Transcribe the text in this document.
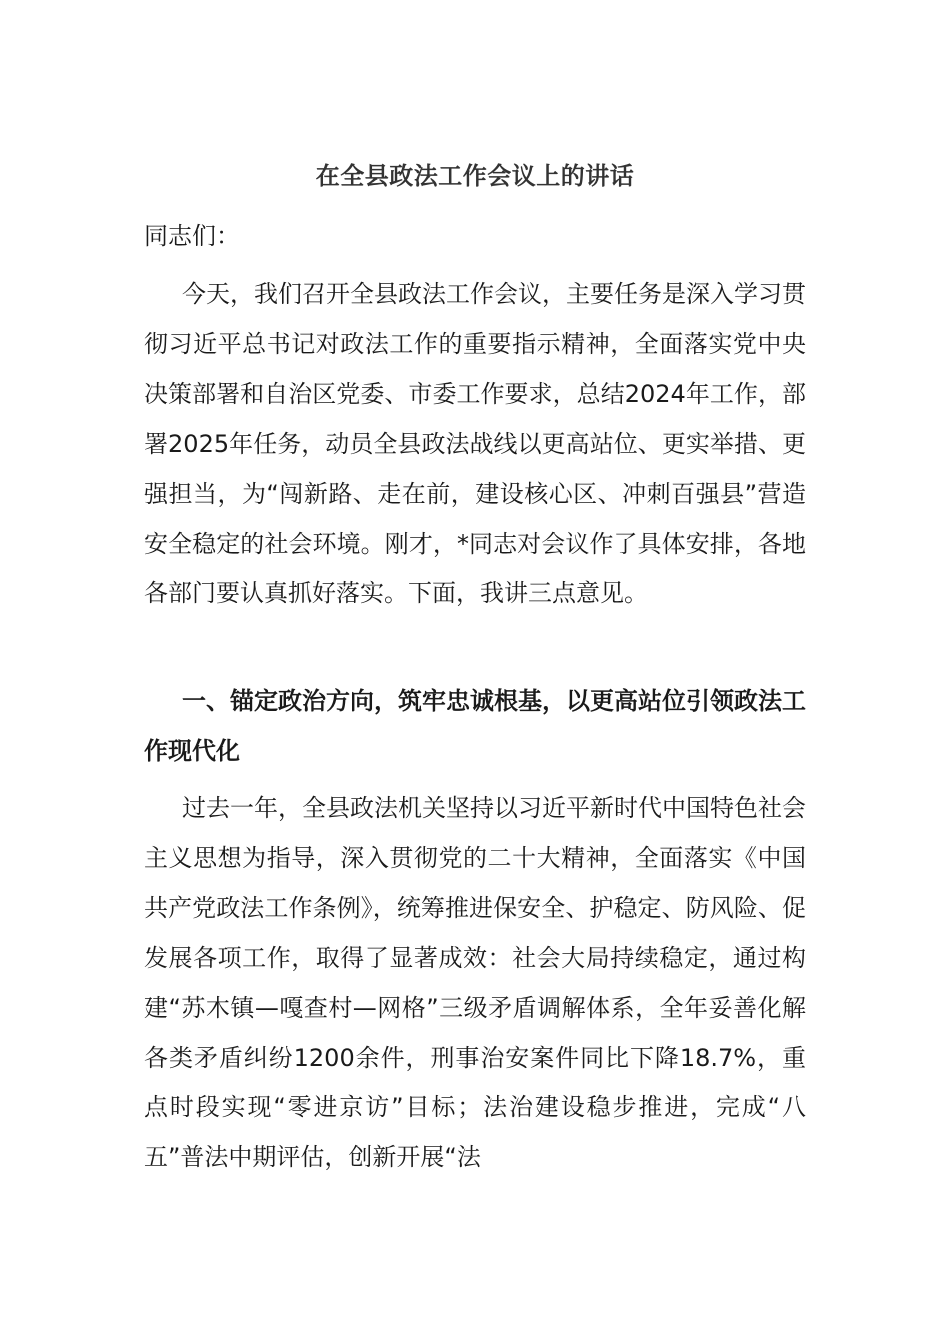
在全县政法工作会议上的讲话
同志们：

今天，我们召开全县政法工作会议，主要任务是深入学习贯彻习近平总书记对政法工作的重要指示精神，全面落实党中央决策部署和自治区党委、市委工作要求，总结2024年工作，部署2025年任务，动员全县政法战线以更高站位、更实举措、更强担当，为“闯新路、走在前，建设核心区、冲刺百强县”营造安全稳定的社会环境。刚才，*同志对会议作了具体安排，各地各部门要认真抓好落实。下面，我讲三点意见。

一、锚定政治方向，筑牢忠诚根基，以更高站位引领政法工作现代化

过去一年，全县政法机关坚持以习近平新时代中国特色社会主义思想为指导，深入贯彻党的二十大精神，全面落实《中国共产党政法工作条例》，统筹推进保安全、护稳定、防风险、促发展各项工作，取得了显著成效：社会大局持续稳定，通过构建“苏木镇—嘎查村—网格”三级矛盾调解体系，全年妥善化解各类矛盾纠纷1200余件，刑事治安案件同比下降18.7%，重点时段实现“零进京访”目标；法治建设稳步推进，完成“八五”普法中期评估，创新开展“法
